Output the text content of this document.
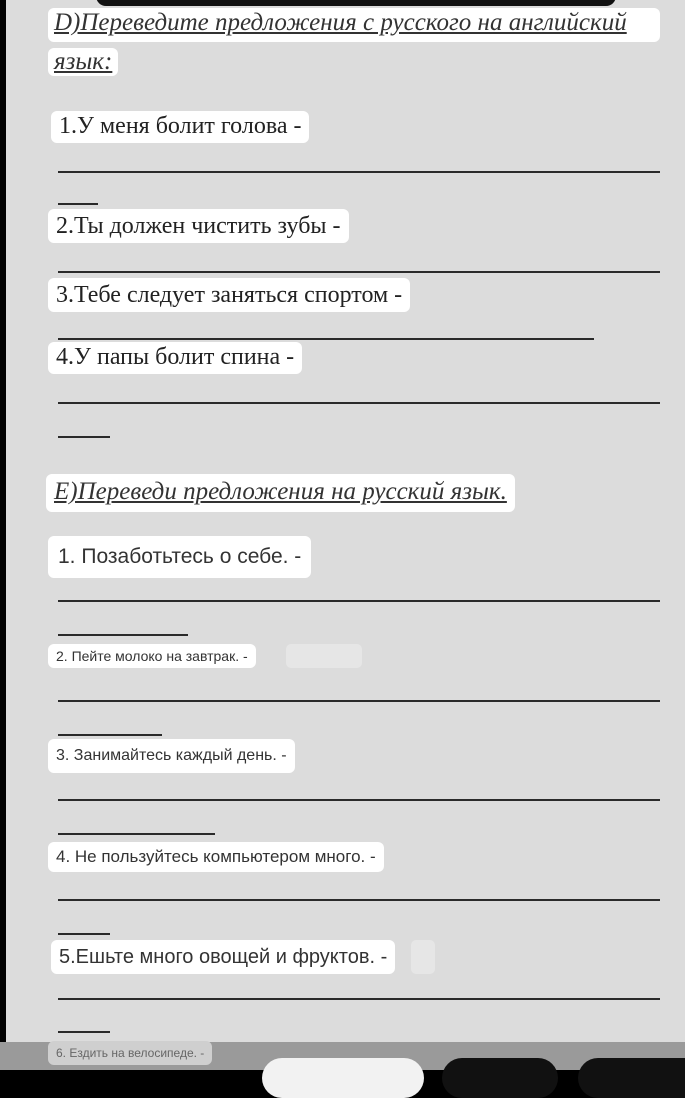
D)Переведите предложения с русского на английский
язык:
1.У меня болит голова -
2.Ты должен чистить зубы -
3.Тебе следует заняться спортом -
4.У папы болит спина -
E)Переведи предложения на русский язык.
1. Позаботьтесь о себе. -
2. Пейте молоко на завтрак. -
3. Занимайтесь каждый день. -
4. Не пользуйтесь компьютером много. -
5.Ешьте много овощей и фруктов. -
6. Ездить на велосипеде. -
